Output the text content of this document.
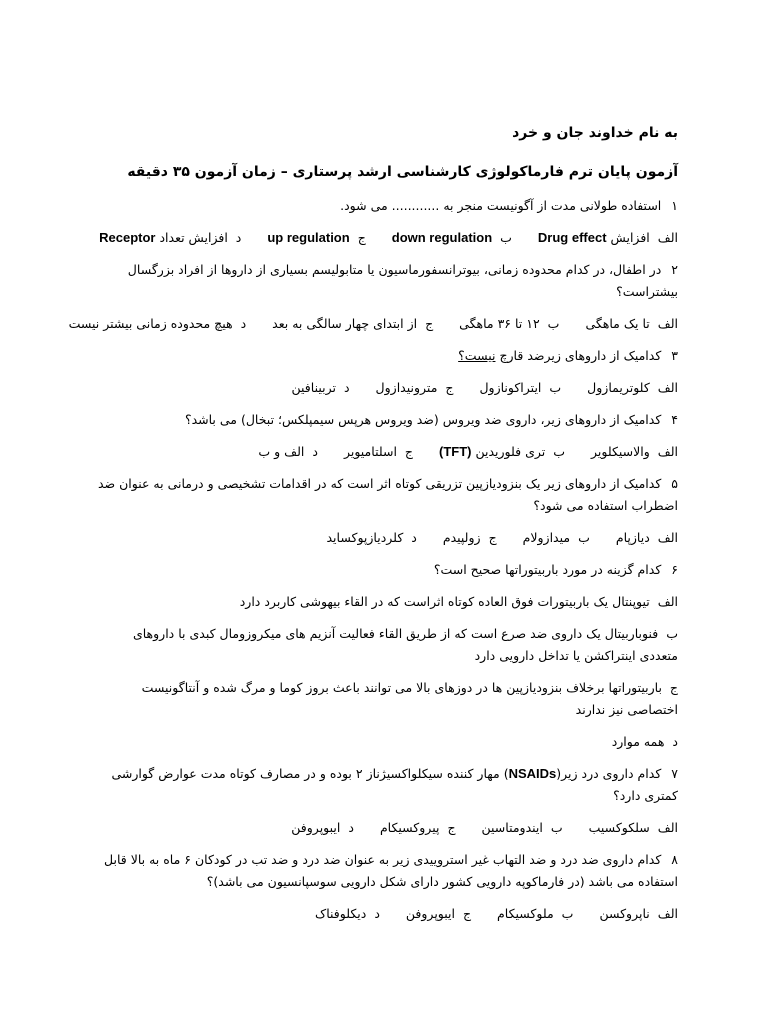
به نام خداوند جان و خرد
آزمون پایان ترم فارماکولوژی کارشناسی ارشد پرستاری – زمان آزمون ۳۵ دقیقه
۱استفاده طولانی مدت از آگونیست منجر به ............ می شود.
الفافزایش Drug effect بdown regulation جup regulation دافزایش تعداد Receptor
۲در اطفال، در کدام محدوده زمانی، بیوترانسفورماسیون یا متابولیسم بسیاری از داروها از افراد بزرگسال بیشتراست؟
الفتا یک ماهگی ب۱۲ تا ۳۶ ماهگی جاز ابتدای چهار سالگی به بعد دهیچ محدوده زمانی بیشتر نیست
۳کدامیک از داروهای زیرضد قارچ نیست؟
الفکلوتریمازول بایتراکونازول جمترونیدازول دتربینافین
۴کدامیک از داروهای زیر، داروی ضد ویروس (ضد ویروس هرپس سیمپلکس؛ تبخال) می باشد؟
الفوالاسیکلویر بتری فلوریدین (TFT) جاسلتامیویر دالف و ب
۵کدامیک از داروهای زیر یک بنزودیازپین تزریقی کوتاه اثر است که در اقدامات تشخیصی و درمانی به عنوان ضد اضطراب استفاده می شود؟
الفدیازپام بمیدازولام جزولپیدم دکلردیازپوکساید
۶کدام گزینه در مورد باربیتوراتها صحیح است؟
الفتیوپنتال یک باربیتورات فوق العاده کوتاه اثراست که در القاء بیهوشی کاربرد دارد
بفنوباربیتال یک داروی ضد صرع است که از طریق القاء فعالیت آنزیم های میکروزومال کبدی با داروهای متعددی اینتراکشن یا تداخل دارویی دارد
جباربیتوراتها برخلاف بنزودیازپین ها در دوزهای بالا می توانند باعث بروز کوما و مرگ شده و آنتاگونیست اختصاصی نیز ندارند
دهمه موارد
۷کدام داروی درد زیر(NSAIDs) مهار کننده سیکلواکسیژناز ۲ بوده و در مصارف کوتاه مدت عوارض گوارشی کمتری دارد؟
الفسلکوکسیب بایندومتاسین جپیروکسیکام دایبوپروفن
۸کدام داروی ضد درد و ضد التهاب غیر استروییدی زیر به عنوان ضد درد و ضد تب در کودکان ۶ ماه به بالا قابل استفاده می باشد (در فارماکوپه دارویی کشور دارای شکل دارویی سوسپانسیون می باشد)؟
الفناپروکسن بملوکسیکام جایبوپروفن ددیکلوفناک
